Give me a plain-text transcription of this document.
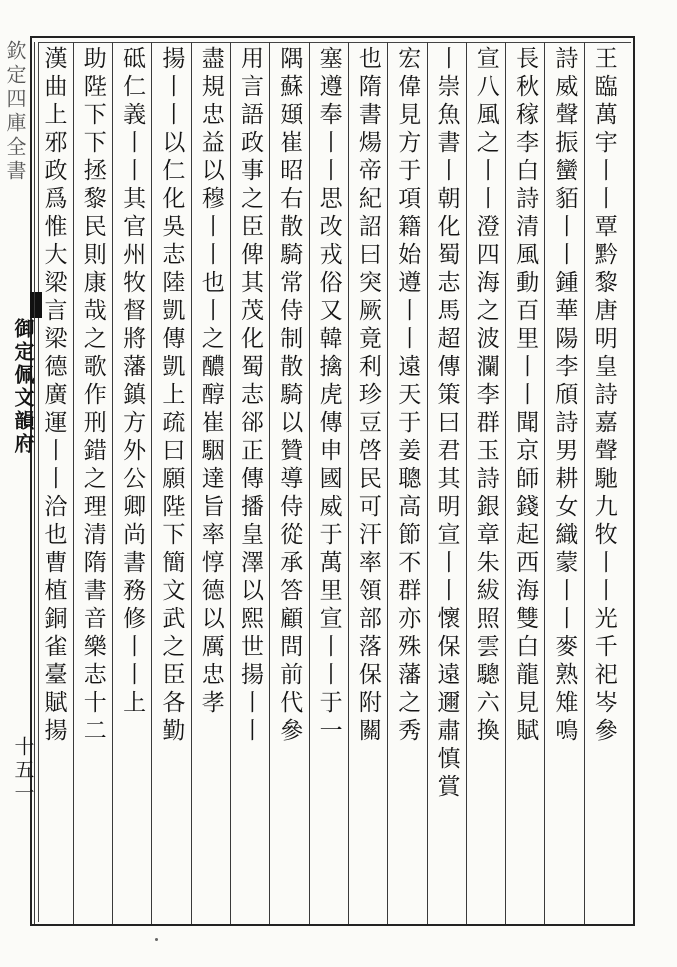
欽定四庫全書
御定佩文韻府
十五一
王臨萬宇丨丨覃黔黎唐明皇詩嘉聲馳九牧丨丨光千祀岑參
詩威聲振蠻貊丨丨鍾華陽李頎詩男耕女織蒙丨丨麥熟雉鳴
長秋稼李白詩清風動百里丨丨聞京師錢起西海雙白龍見賦
宣八風之丨丨澄四海之波瀾李群玉詩銀章朱紱照雲驄六換
丨崇魚書丨朝化蜀志馬超傳策曰君其明宣丨丨懷保遠邇肅慎賞
宏偉見方于項籍始遵丨丨遠天于姜聰高節不群亦殊藩之秀
也隋書煬帝紀詔曰突厥竟利珍豆啓民可汗率領部落保附關
塞遵奉丨丨思改戎俗又韓擒虎傳申國威于萬里宣丨丨于一
隅蘇頲崔昭右散騎常侍制散騎以贊導侍從承答顧問前代參
用言語政事之臣俾其茂化蜀志郤正傳播皇澤以熙世揚丨丨
盡規忠益以穆丨丨也丨之醲醇崔駰達旨率惇德以厲忠孝
揚丨丨以仁化吳志陸凱傳凱上疏曰願陛下簡文武之臣各勤
砥仁義丨丨其官州牧督將藩鎮方外公卿尚書務修丨丨上
助陛下下拯黎民則康哉之歌作刑錯之理清隋書音樂志十二
漢曲上邪政爲惟大梁言梁德廣運丨丨洽也曹植銅雀臺賦揚
